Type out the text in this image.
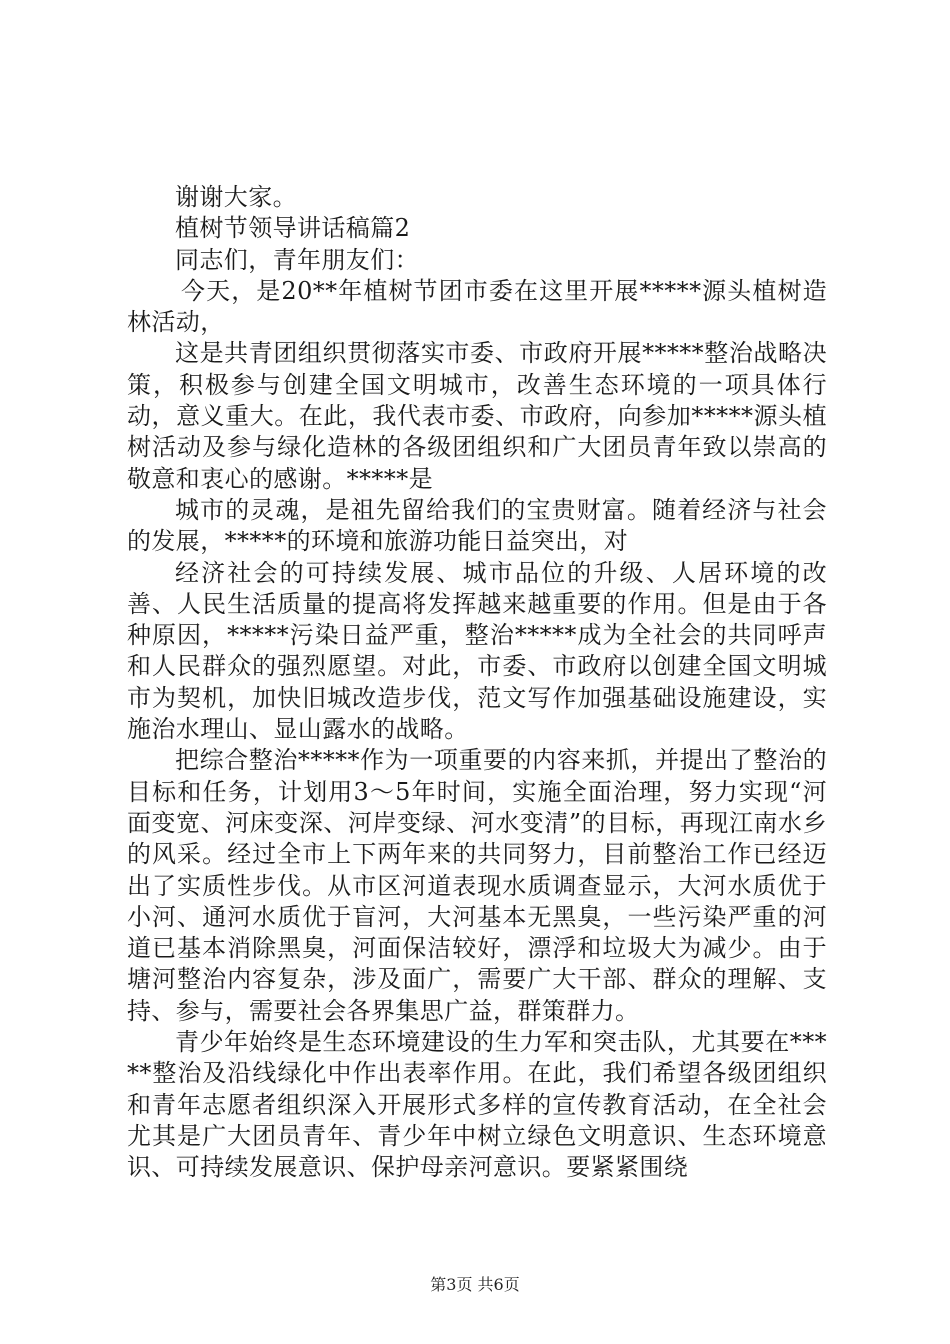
谢谢大家。

植树节领导讲话稿篇2

同志们，青年朋友们：

今天，是20**年植树节团市委在这里开展*****源头植树造林活动，

这是共青团组织贯彻落实市委、市政府开展*****整治战略决策，积极参与创建全国文明城市，改善生态环境的一项具体行动，意义重大。在此，我代表市委、市政府，向参加*****源头植树活动及参与绿化造林的各级团组织和广大团员青年致以崇高的敬意和衷心的感谢。*****是

城市的灵魂，是祖先留给我们的宝贵财富。随着经济与社会的发展，*****的环境和旅游功能日益突出，对

经济社会的可持续发展、城市品位的升级、人居环境的改善、人民生活质量的提高将发挥越来越重要的作用。但是由于各种原因，*****污染日益严重，整治*****成为全社会的共同呼声和人民群众的强烈愿望。对此，市委、市政府以创建全国文明城市为契机，加快旧城改造步伐，范文写作加强基础设施建设，实施治水理山、显山露水的战略。

把综合整治*****作为一项重要的内容来抓，并提出了整治的目标和任务，计划用3～5年时间，实施全面治理，努力实现“河面变宽、河床变深、河岸变绿、河水变清”的目标，再现江南水乡的风采。经过全市上下两年来的共同努力，目前整治工作已经迈出了实质性步伐。从市区河道表现水质调查显示，大河水质优于小河、通河水质优于盲河，大河基本无黑臭，一些污染严重的河道已基本消除黑臭，河面保洁较好，漂浮和垃圾大为减少。由于塘河整治内容复杂，涉及面广，需要广大干部、群众的理解、支持、参与，需要社会各界集思广益，群策群力。

青少年始终是生态环境建设的生力军和突击队，尤其要在*****整治及沿线绿化中作出表率作用。在此，我们希望各级团组织和青年志愿者组织深入开展形式多样的宣传教育活动，在全社会尤其是广大团员青年、青少年中树立绿色文明意识、生态环境意识、可持续发展意识、保护母亲河意识。要紧紧围绕

第3页 共6页
